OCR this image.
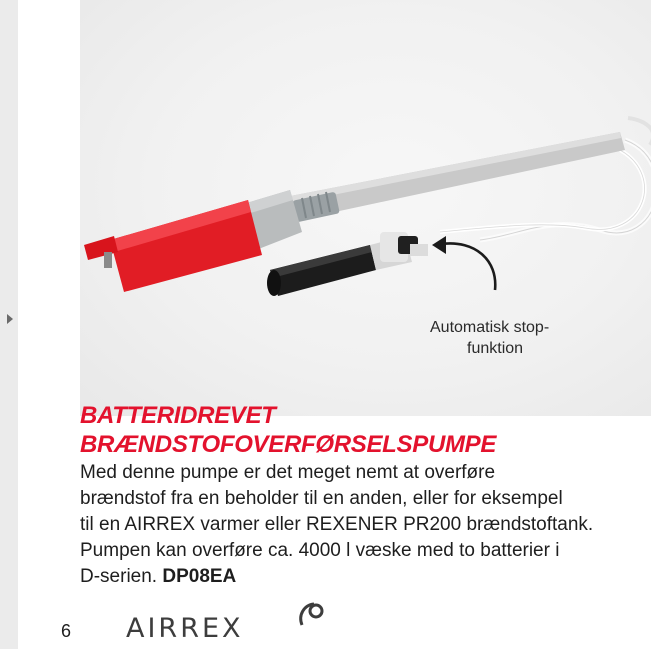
Automatisk stop-
funktion
BATTERIDREVET
BRÆNDSTOFOVERFØRSELSPUMPE
Med denne pumpe er det meget nemt at overføre
brændstof fra en beholder til en anden, eller for eksempel
til en AIRREX varmer eller REXENER PR200 brændstoftank.
Pumpen kan overføre ca. 4000 l væske med to batterier i
D-serien. DP08EA
6 AIRREX
